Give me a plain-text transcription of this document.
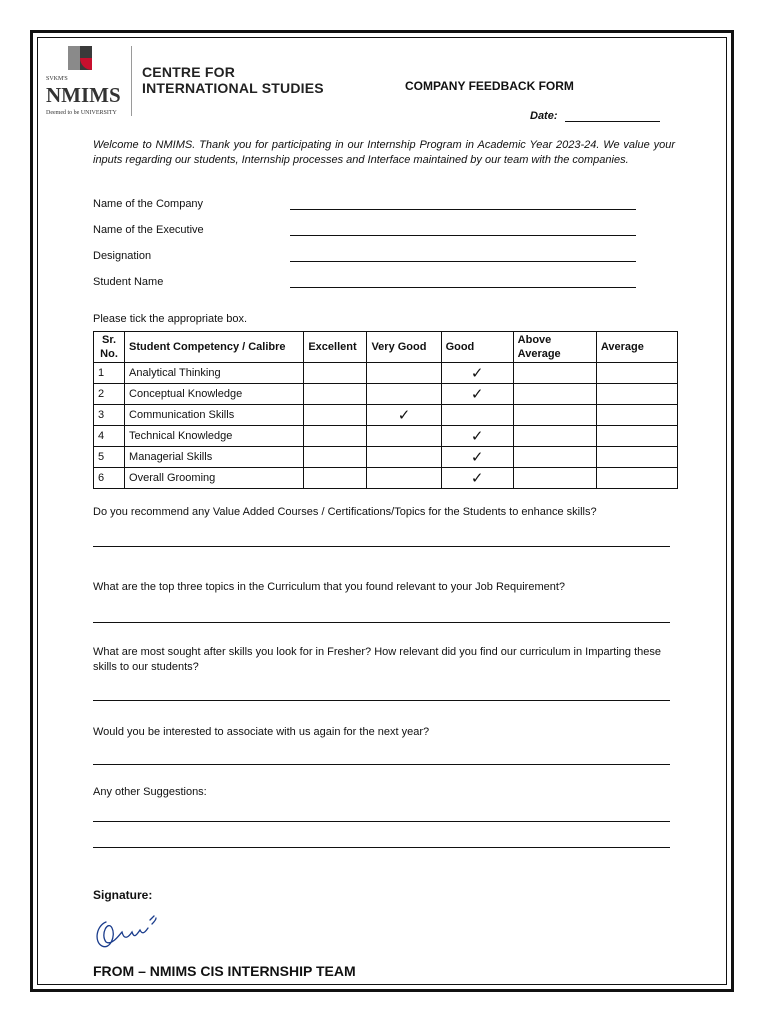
SVKM'S
NMIMS
Deemed to be UNIVERSITY
CENTRE FOR
INTERNATIONAL STUDIES	COMPANY FEEDBACK FORM
Date:
Welcome to NMIMS. Thank you for participating in our Internship Program in Academic Year 2023-24. We value your inputs regarding our students, Internship processes and Interface maintained by our team with the companies.
Name of the Company
Name of the Executive
Designation
Student Name
Please tick the appropriate box.
Sr. No.	Student Competency / Calibre	Excellent	Very Good	Good	Above Average	Average
1	Analytical Thinking			✓		
2	Conceptual Knowledge			✓		
3	Communication Skills		✓			
4	Technical Knowledge			✓		
5	Managerial Skills			✓		
6	Overall Grooming			✓		
Do you recommend any Value Added Courses / Certifications/Topics for the Students to enhance skills?
What are the top three topics in the Curriculum that you found relevant to your Job Requirement?
What are most sought after skills you look for in Fresher? How relevant did you find our curriculum in Imparting these skills to our students?
Would you be interested to associate with us again for the next year?
Any other Suggestions:
Signature:
FROM – NMIMS CIS INTERNSHIP TEAM
